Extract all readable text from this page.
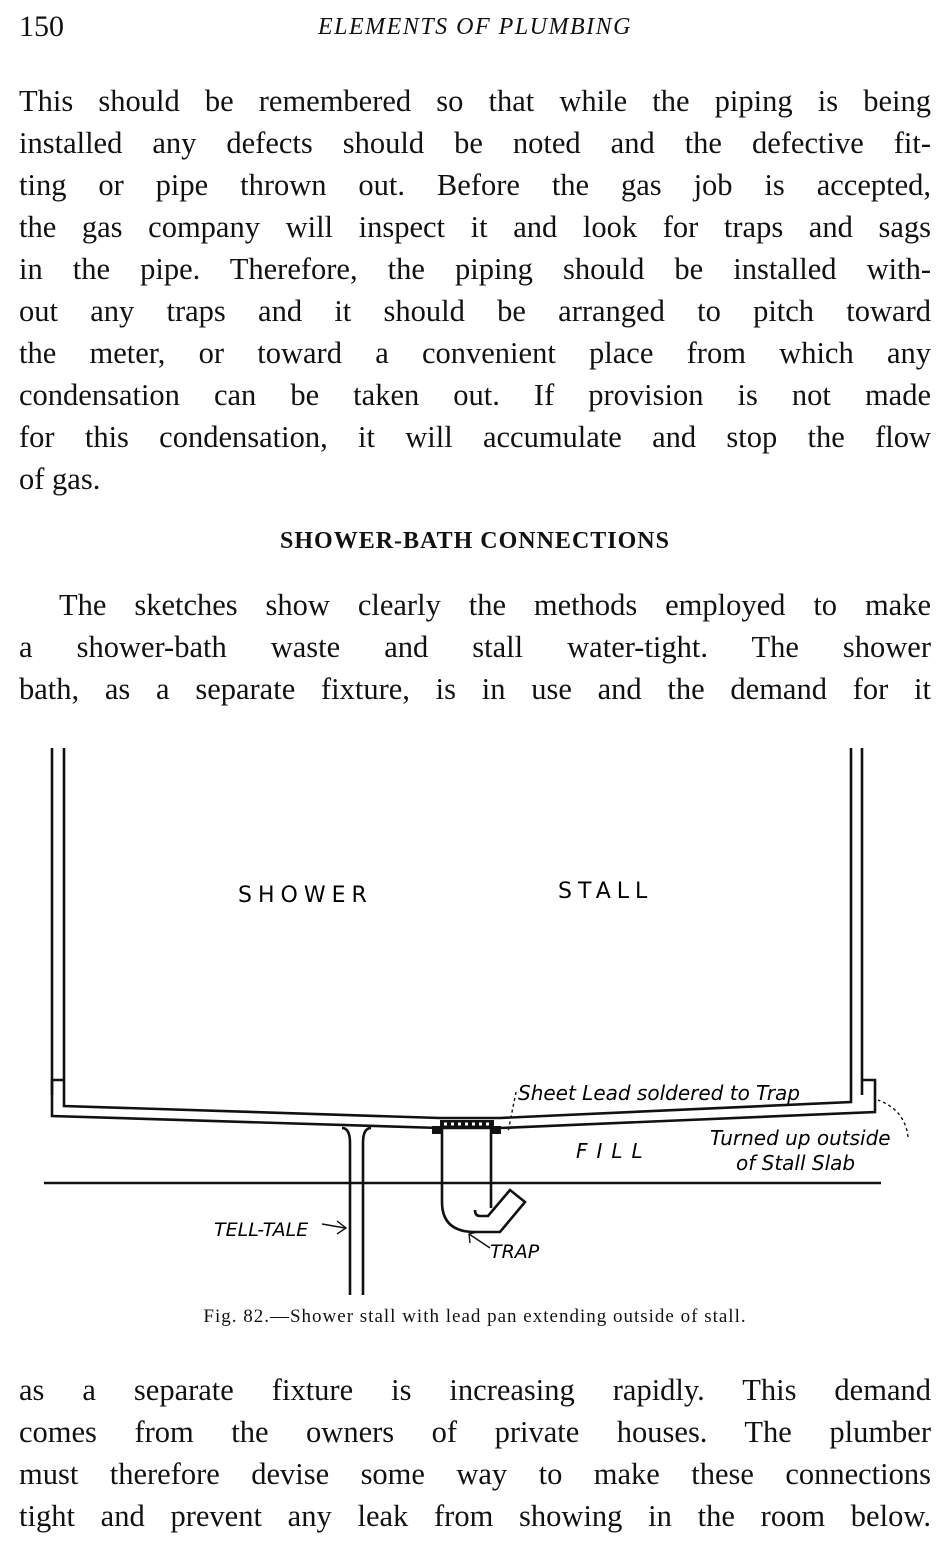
150	ELEMENTS OF PLUMBING
This should be remembered so that while the piping is being
installed any defects should be noted and the defective fit-
ting or pipe thrown out. Before the gas job is accepted,
the gas company will inspect it and look for traps and sags
in the pipe. Therefore, the piping should be installed with-
out any traps and it should be arranged to pitch toward
the meter, or toward a convenient place from which any
condensation can be taken out. If provision is not made
for this condensation, it will accumulate and stop the flow
of gas.
SHOWER-BATH CONNECTIONS
The sketches show clearly the methods employed to make
a shower-bath waste and stall water-tight. The shower
bath, as a separate fixture, is in use and the demand for it
SHOWER	STALL
Sheet Lead soldered to Trap
FILL
Turned up outside
of Stall Slab
TELL-TALE
TRAP
Fig. 82.—Shower stall with lead pan extending outside of stall.
as a separate fixture is increasing rapidly. This demand
comes from the owners of private houses. The plumber
must therefore devise some way to make these connections
tight and prevent any leak from showing in the room below.
